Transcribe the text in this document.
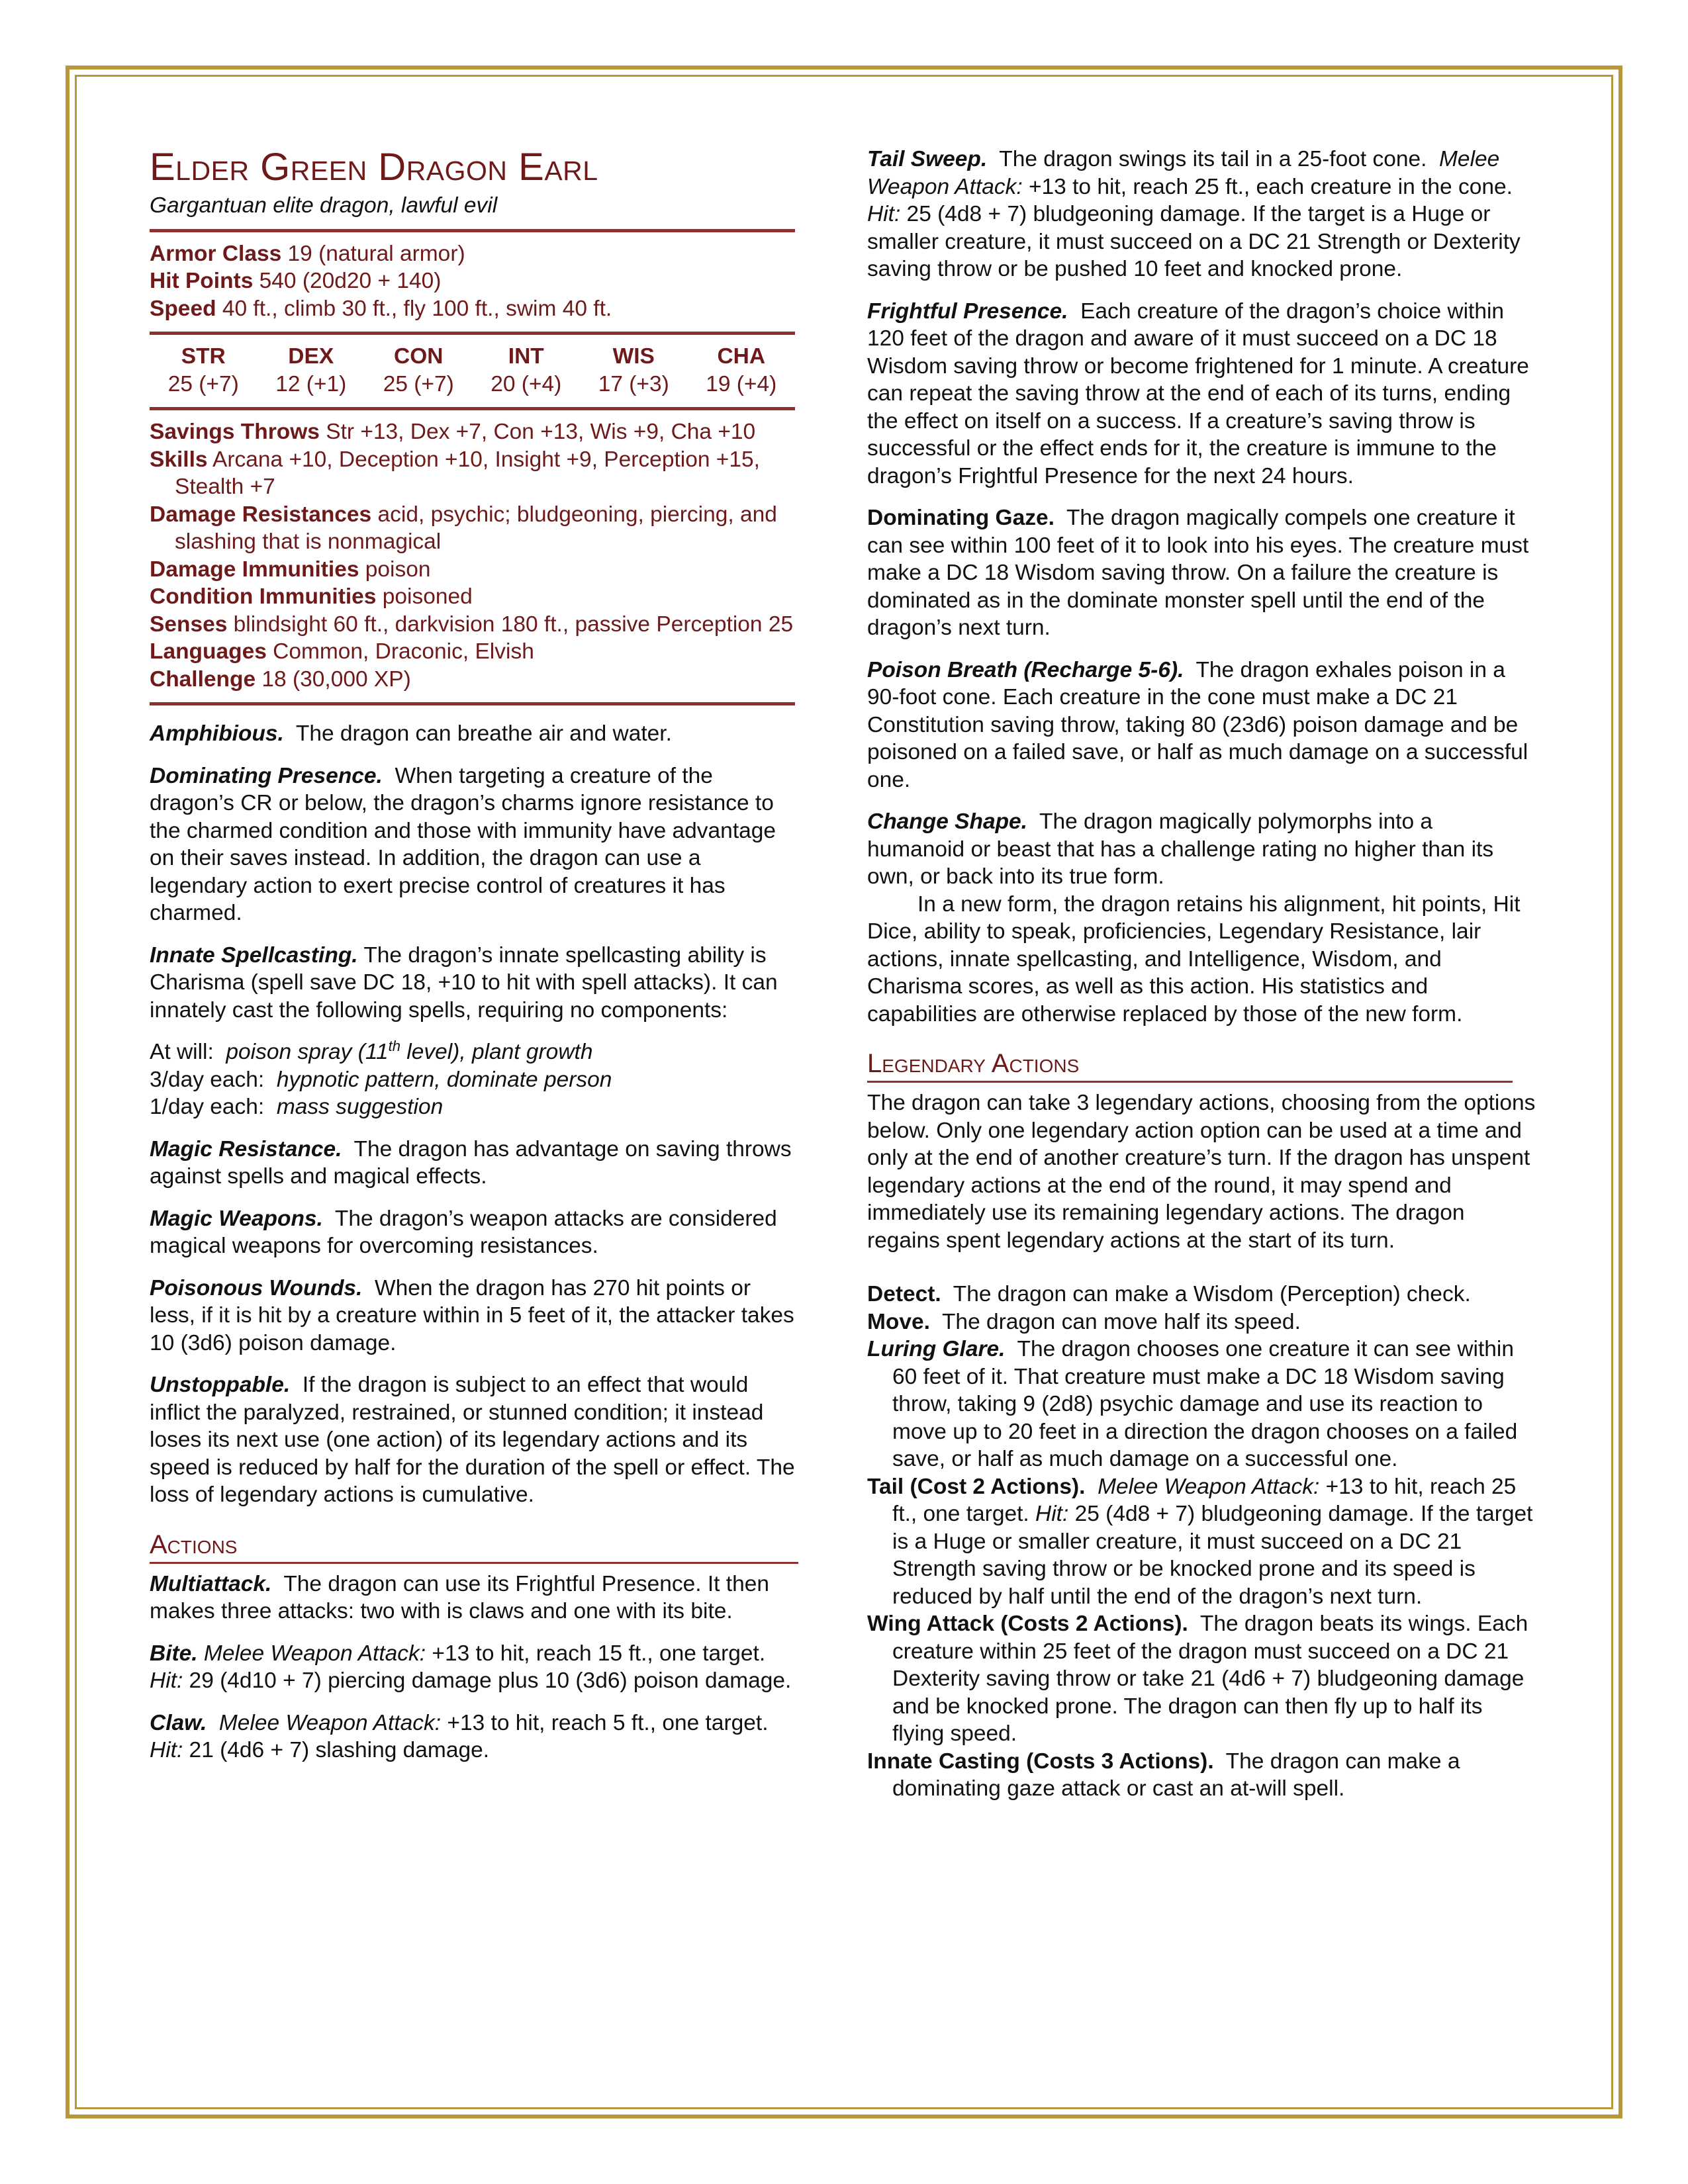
Elder Green Dragon Earl
Gargantuan elite dragon, lawful evil
Armor Class 19 (natural armor)
Hit Points 540 (20d20 + 140)
Speed 40 ft., climb 30 ft., fly 100 ft., swim 40 ft.
STR	DEX	CON	INT	WIS	CHA
25 (+7)	12 (+1)	25 (+7)	20 (+4)	17 (+3)	19 (+4)
Savings Throws Str +13, Dex +7, Con +13, Wis +9, Cha +10
Skills Arcana +10, Deception +10, Insight +9, Perception +15, Stealth +7
Damage Resistances acid, psychic; bludgeoning, piercing, and slashing that is nonmagical
Damage Immunities poison
Condition Immunities poisoned
Senses blindsight 60 ft., darkvision 180 ft., passive Perception 25
Languages Common, Draconic, Elvish
Challenge 18 (30,000 XP)

Amphibious. The dragon can breathe air and water.

Dominating Presence. When targeting a creature of the dragon’s CR or below, the dragon’s charms ignore resistance to the charmed condition and those with immunity have advantage on their saves instead. In addition, the dragon can use a legendary action to exert precise control of creatures it has charmed.

Innate Spellcasting. The dragon’s innate spellcasting ability is Charisma (spell save DC 18, +10 to hit with spell attacks). It can innately cast the following spells, requiring no components:

At will: poison spray (11th level), plant growth
3/day each: hypnotic pattern, dominate person
1/day each: mass suggestion

Magic Resistance. The dragon has advantage on saving throws against spells and magical effects.

Magic Weapons. The dragon’s weapon attacks are considered magical weapons for overcoming resistances.

Poisonous Wounds. When the dragon has 270 hit points or less, if it is hit by a creature within in 5 feet of it, the attacker takes 10 (3d6) poison damage.

Unstoppable. If the dragon is subject to an effect that would inflict the paralyzed, restrained, or stunned condition; it instead loses its next use (one action) of its legendary actions and its speed is reduced by half for the duration of the spell or effect. The loss of legendary actions is cumulative.

Actions

Multiattack. The dragon can use its Frightful Presence. It then makes three attacks: two with is claws and one with its bite.

Bite. Melee Weapon Attack: +13 to hit, reach 15 ft., one target.
Hit: 29 (4d10 + 7) piercing damage plus 10 (3d6) poison damage.

Claw. Melee Weapon Attack: +13 to hit, reach 5 ft., one target.
Hit: 21 (4d6 + 7) slashing damage.

Tail Sweep. The dragon swings its tail in a 25-foot cone. Melee Weapon Attack: +13 to hit, reach 25 ft., each creature in the cone. Hit: 25 (4d8 + 7) bludgeoning damage. If the target is a Huge or smaller creature, it must succeed on a DC 21 Strength or Dexterity saving throw or be pushed 10 feet and knocked prone.

Frightful Presence. Each creature of the dragon’s choice within 120 feet of the dragon and aware of it must succeed on a DC 18 Wisdom saving throw or become frightened for 1 minute. A creature can repeat the saving throw at the end of each of its turns, ending the effect on itself on a success. If a creature’s saving throw is successful or the effect ends for it, the creature is immune to the dragon’s Frightful Presence for the next 24 hours.

Dominating Gaze. The dragon magically compels one creature it can see within 100 feet of it to look into his eyes. The creature must make a DC 18 Wisdom saving throw. On a failure the creature is dominated as in the dominate monster spell until the end of the dragon’s next turn.

Poison Breath (Recharge 5-6). The dragon exhales poison in a 90-foot cone. Each creature in the cone must make a DC 21 Constitution saving throw, taking 80 (23d6) poison damage and be poisoned on a failed save, or half as much damage on a successful one.

Change Shape. The dragon magically polymorphs into a humanoid or beast that has a challenge rating no higher than its own, or back into its true form.

In a new form, the dragon retains his alignment, hit points, Hit Dice, ability to speak, proficiencies, Legendary Resistance, lair actions, innate spellcasting, and Intelligence, Wisdom, and Charisma scores, as well as this action. His statistics and capabilities are otherwise replaced by those of the new form.

Legendary Actions

The dragon can take 3 legendary actions, choosing from the options below. Only one legendary action option can be used at a time and only at the end of another creature’s turn. If the dragon has unspent legendary actions at the end of the round, it may spend and immediately use its remaining legendary actions. The dragon regains spent legendary actions at the start of its turn.

Detect. The dragon can make a Wisdom (Perception) check.

Move. The dragon can move half its speed.

Luring Glare. The dragon chooses one creature it can see within 60 feet of it. That creature must make a DC 18 Wisdom saving throw, taking 9 (2d8) psychic damage and use its reaction to move up to 20 feet in a direction the dragon chooses on a failed save, or half as much damage on a successful one.

Tail (Cost 2 Actions). Melee Weapon Attack: +13 to hit, reach 25 ft., one target. Hit: 25 (4d8 + 7) bludgeoning damage. If the target is a Huge or smaller creature, it must succeed on a DC 21 Strength saving throw or be knocked prone and its speed is reduced by half until the end of the dragon’s next turn.

Wing Attack (Costs 2 Actions). The dragon beats its wings. Each creature within 25 feet of the dragon must succeed on a DC 21 Dexterity saving throw or take 21 (4d6 + 7) bludgeoning damage and be knocked prone. The dragon can then fly up to half its flying speed.

Innate Casting (Costs 3 Actions). The dragon can make a dominating gaze attack or cast an at-will spell.
